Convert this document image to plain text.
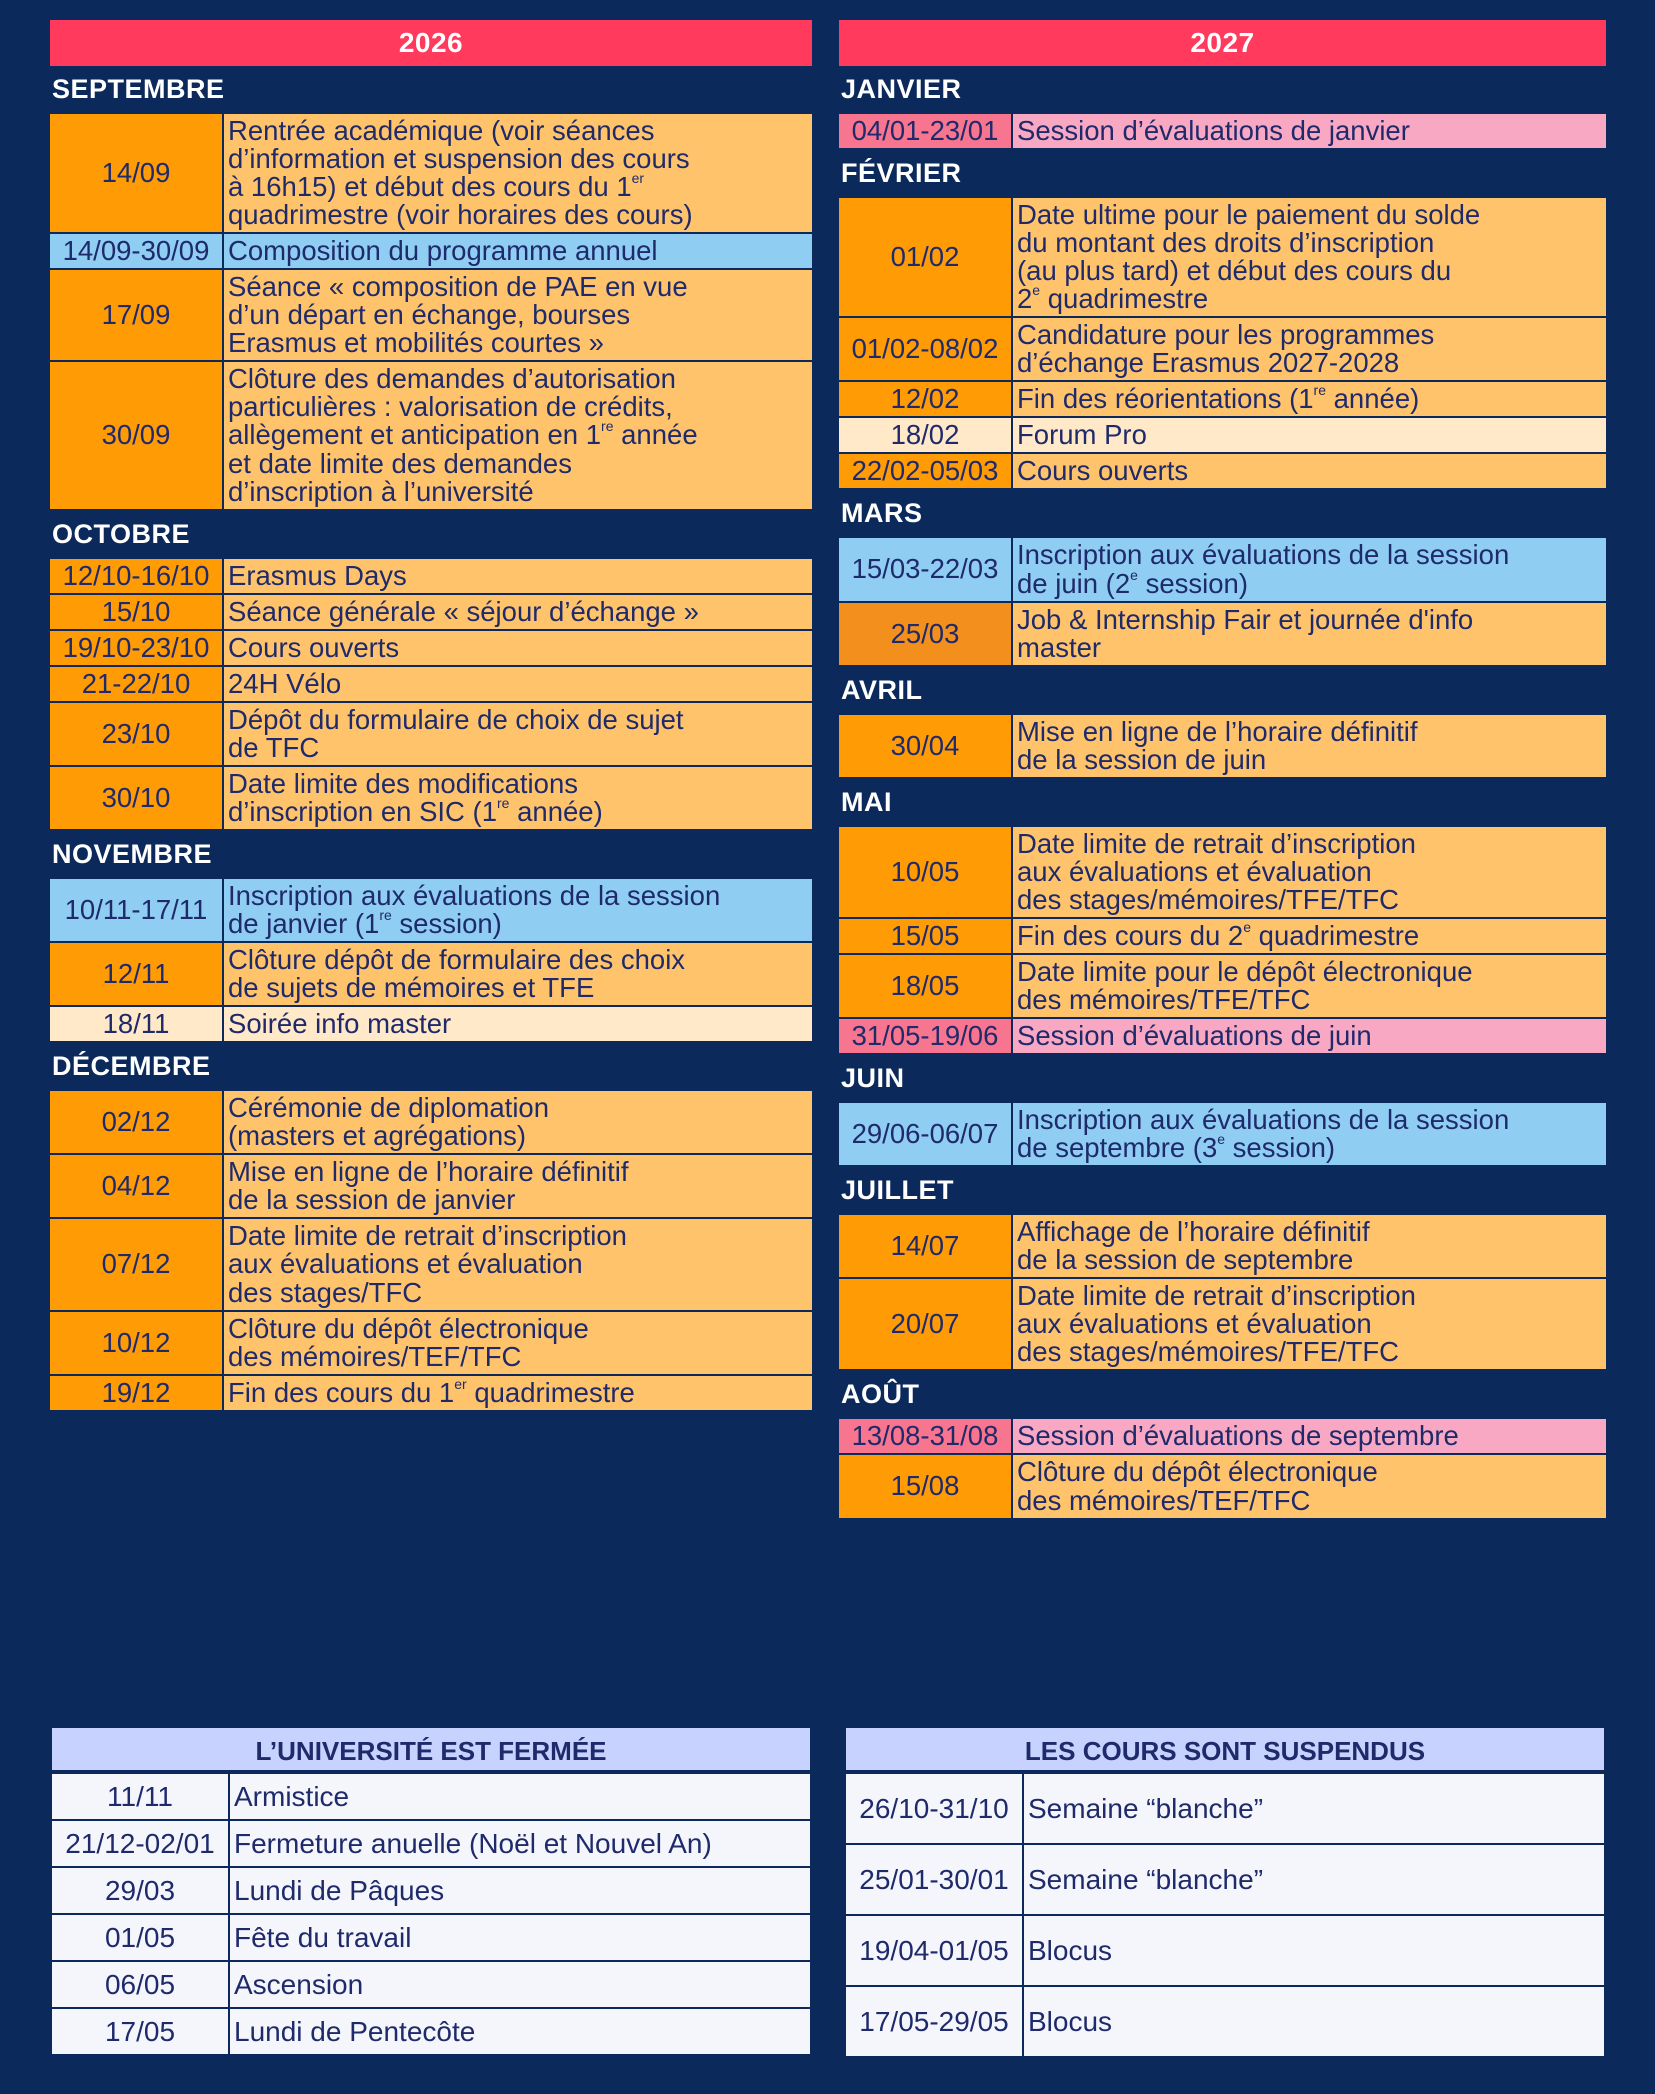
2026
SEPTEMBRE
14/09	Rentrée académique (voir séances
d’information et suspension des cours
à 16h15) et début des cours du 1er
quadrimestre (voir horaires des cours)
14/09-30/09	Composition du programme annuel
17/09	Séance « composition de PAE en vue
d’un départ en échange, bourses
Erasmus et mobilités courtes »
30/09	Clôture des demandes d’autorisation
particulières : valorisation de crédits,
allègement et anticipation en 1re année
et date limite des demandes
d’inscription à l’université
OCTOBRE
12/10-16/10	Erasmus Days
15/10	Séance générale « séjour d’échange »
19/10-23/10	Cours ouverts
21-22/10	24H Vélo
23/10	Dépôt du formulaire de choix de sujet
de TFC
30/10	Date limite des modifications
d’inscription en SIC (1re année)
NOVEMBRE
10/11-17/11	Inscription aux évaluations de la session
de janvier (1re session)
12/11	Clôture dépôt de formulaire des choix
de sujets de mémoires et TFE
18/11	Soirée info master
DÉCEMBRE
02/12	Cérémonie de diplomation
(masters et agrégations)
04/12	Mise en ligne de l’horaire définitif
de la session de janvier
07/12	Date limite de retrait d’inscription
aux évaluations et évaluation
des stages/TFC
10/12	Clôture du dépôt électronique
des mémoires/TEF/TFC
19/12	Fin des cours du 1er quadrimestre
2027
JANVIER
04/01-23/01	Session d’évaluations de janvier
FÉVRIER
01/02	Date ultime pour le paiement du solde
du montant des droits d’inscription
(au plus tard) et début des cours du
2e quadrimestre
01/02-08/02	Candidature pour les programmes
d’échange Erasmus 2027-2028
12/02	Fin des réorientations (1re année)
18/02	Forum Pro
22/02-05/03	Cours ouverts
MARS
15/03-22/03	Inscription aux évaluations de la session
de juin (2e session)
25/03	Job & Internship Fair et journée d'info
master
AVRIL
30/04	Mise en ligne de l’horaire définitif
de la session de juin
MAI
10/05	Date limite de retrait d’inscription
aux évaluations et évaluation
des stages/mémoires/TFE/TFC
15/05	Fin des cours du 2e quadrimestre
18/05	Date limite pour le dépôt électronique
des mémoires/TFE/TFC
31/05-19/06	Session d’évaluations de juin
JUIN
29/06-06/07	Inscription aux évaluations de la session
de septembre (3e session)
JUILLET
14/07	Affichage de l’horaire définitif
de la session de septembre
20/07	Date limite de retrait d’inscription
aux évaluations et évaluation
des stages/mémoires/TFE/TFC
AOÛT
13/08-31/08	Session d’évaluations de septembre
15/08	Clôture du dépôt électronique
des mémoires/TEF/TFC
L’UNIVERSITÉ EST FERMÉE
11/11	Armistice
21/12-02/01	Fermeture anuelle (Noël et Nouvel An)
29/03	Lundi de Pâques
01/05	Fête du travail
06/05	Ascension
17/05	Lundi de Pentecôte
LES COURS SONT SUSPENDUS
26/10-31/10	Semaine “blanche”
25/01-30/01	Semaine “blanche”
19/04-01/05	Blocus
17/05-29/05	Blocus
